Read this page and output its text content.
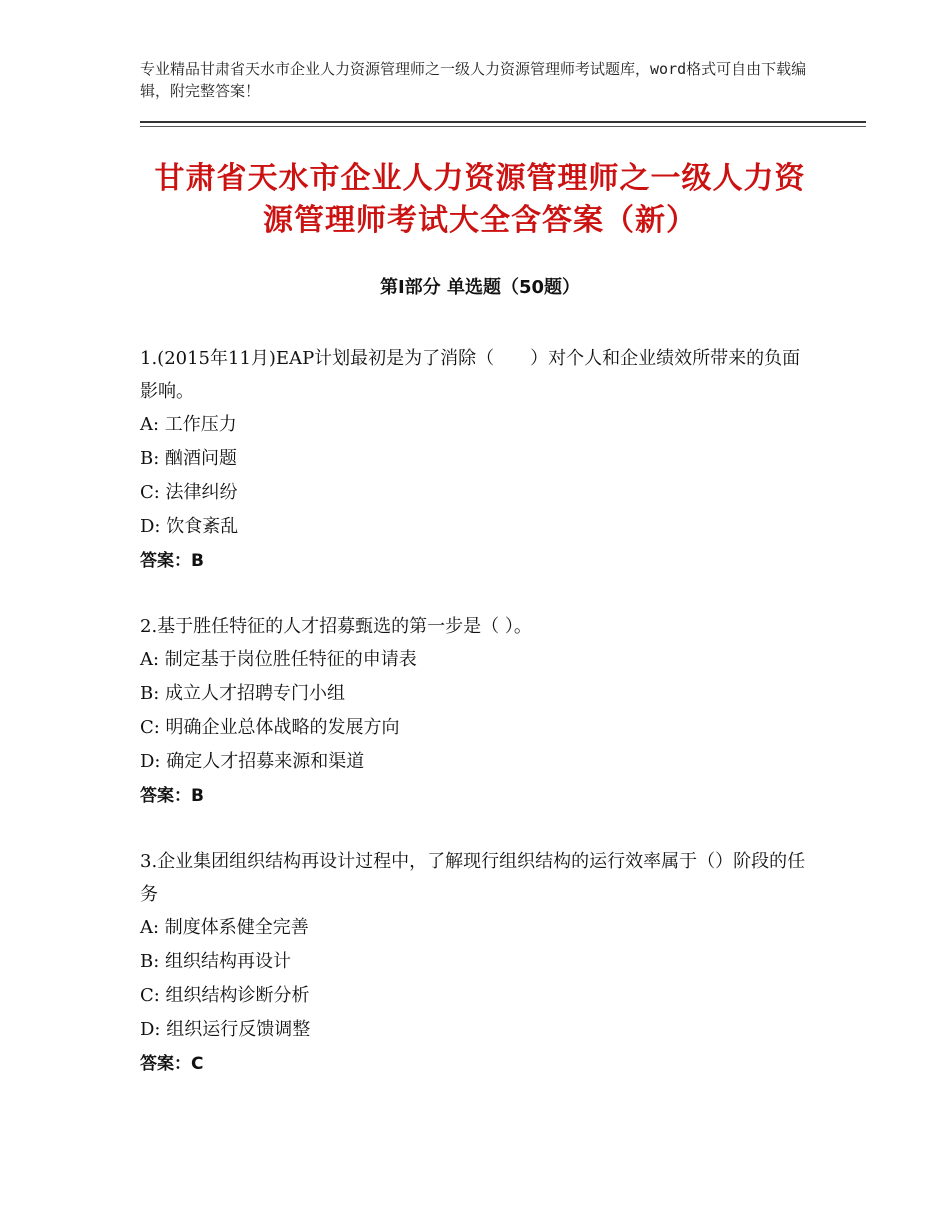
专业精品甘肃省天水市企业人力资源管理师之一级人力资源管理师考试题库，word格式可自由下载编辑，附完整答案！
甘肃省天水市企业人力资源管理师之一级人力资源管理师考试大全含答案（新）
第Ⅰ部分 单选题（50题）

1.(2015年11月)EAP计划最初是为了消除（　　）对个人和企业绩效所带来的负面影响。

A: 工作压力

B: 酗酒问题

C: 法律纠纷

D: 饮食紊乱

答案：B

2.基于胜任特征的人才招募甄选的第一步是（ ）。

A: 制定基于岗位胜任特征的申请表

B: 成立人才招聘专门小组

C: 明确企业总体战略的发展方向

D: 确定人才招募来源和渠道

答案：B

3.企业集团组织结构再设计过程中，了解现行组织结构的运行效率属于（）阶段的任务

A: 制度体系健全完善

B: 组织结构再设计

C: 组织结构诊断分析

D: 组织运行反馈调整

答案：C
